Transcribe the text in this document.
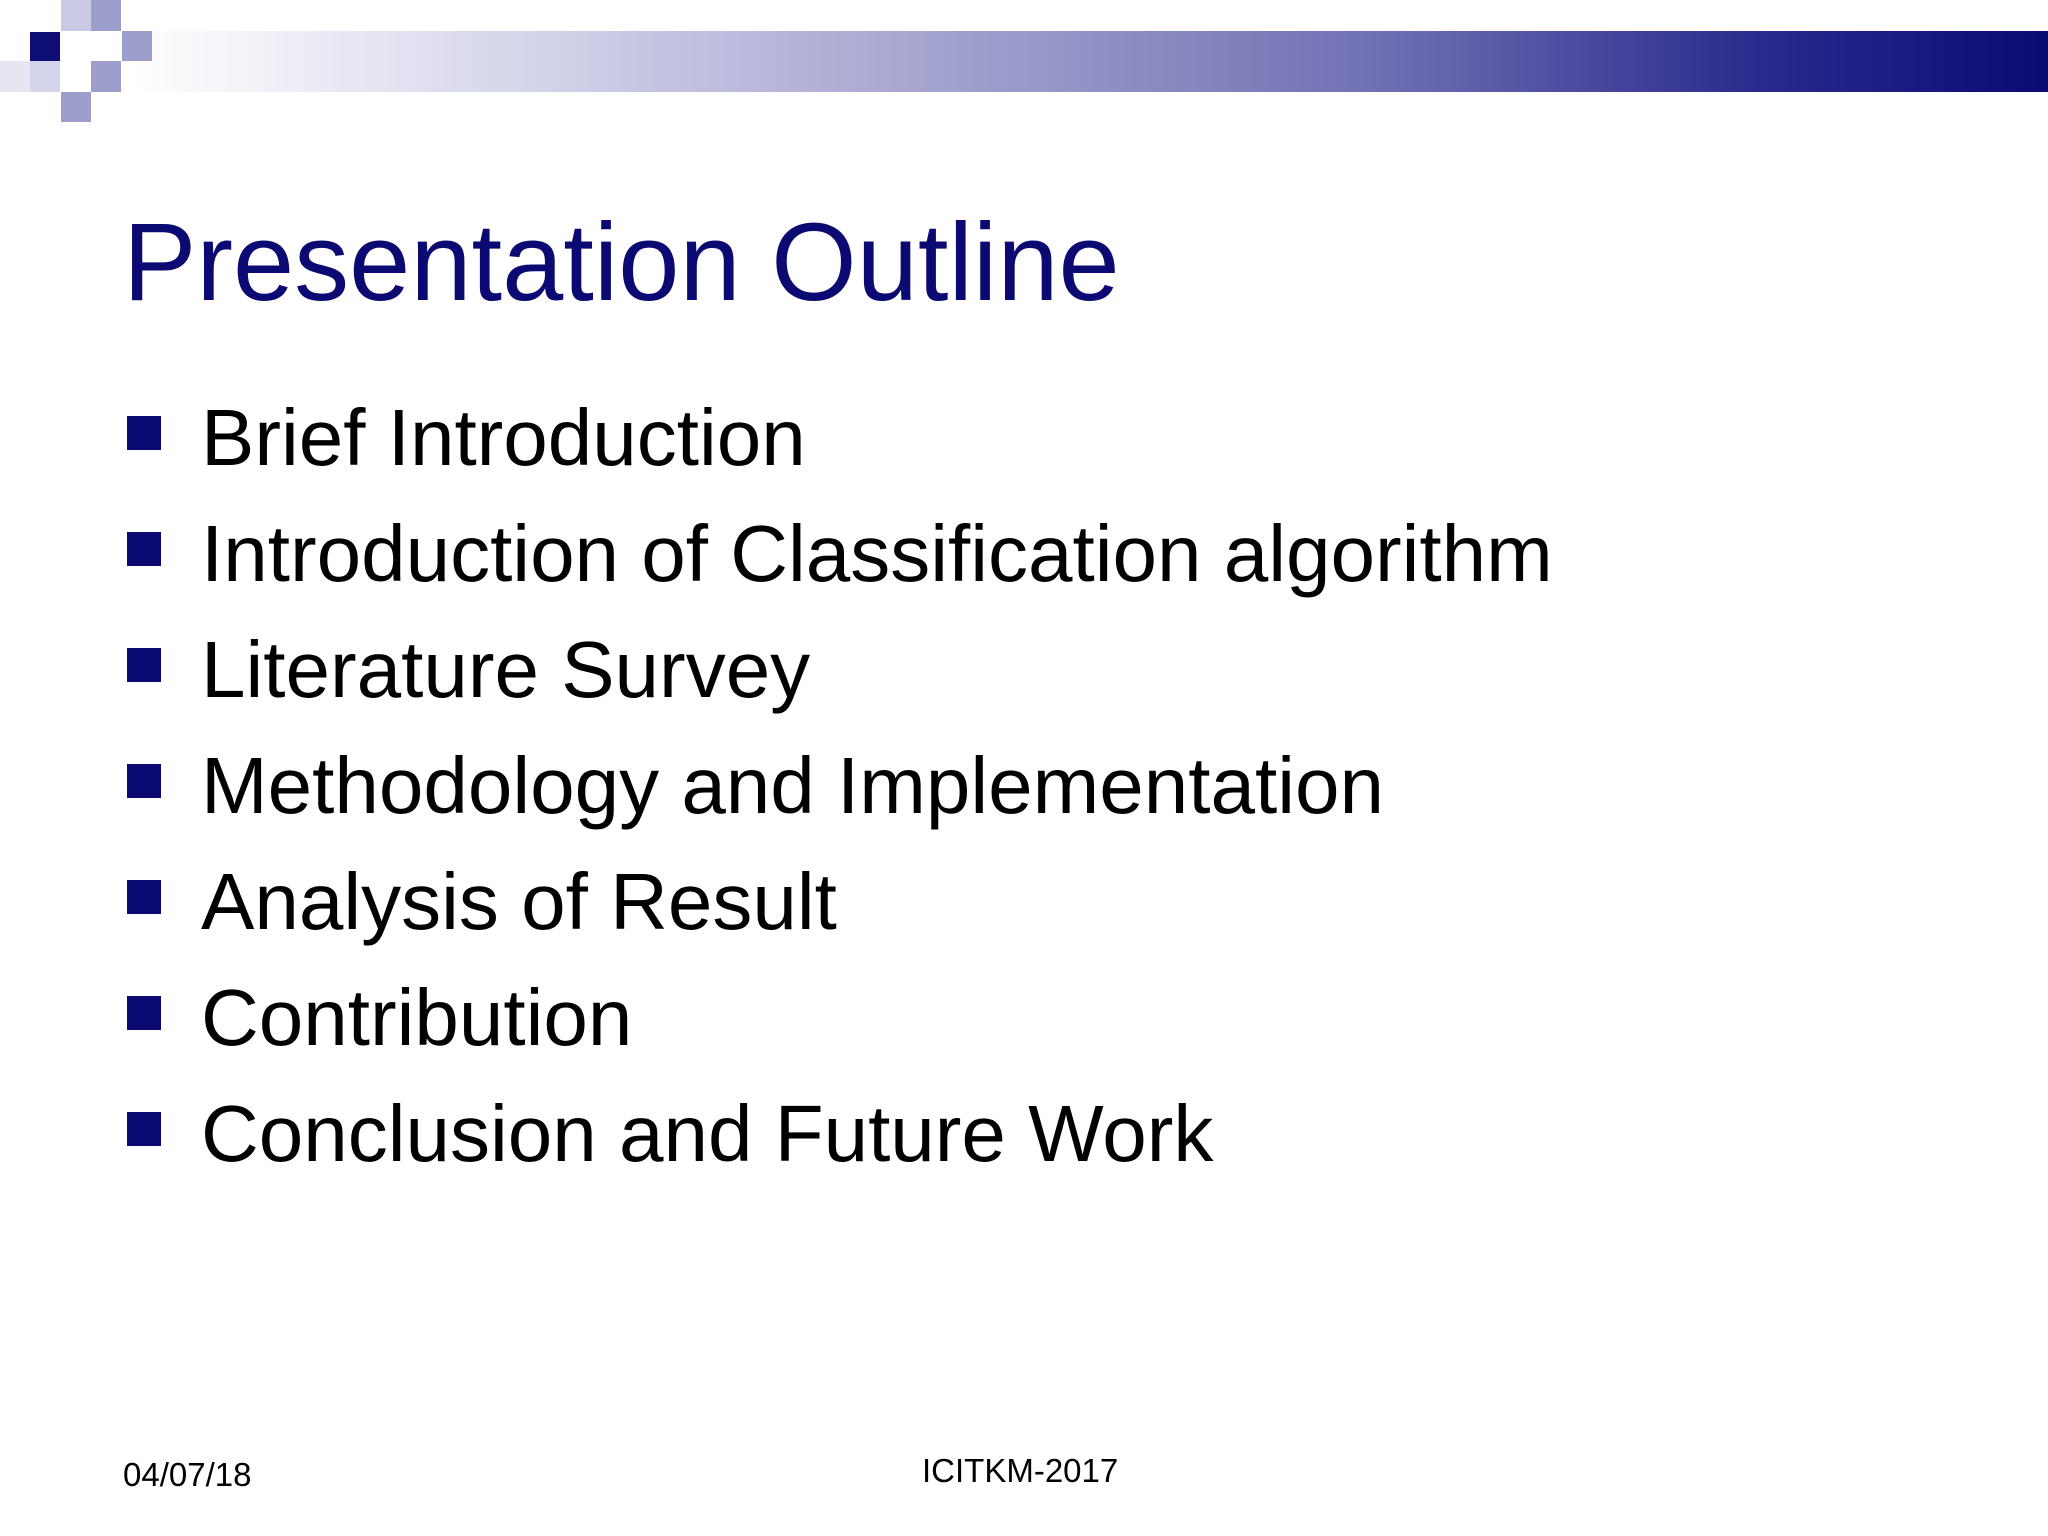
Presentation Outline
Brief Introduction
Introduction of Classification algorithm
Literature Survey
Methodology and Implementation
Analysis of Result
Contribution
Conclusion and Future Work
04/07/18	ICITKM-2017
